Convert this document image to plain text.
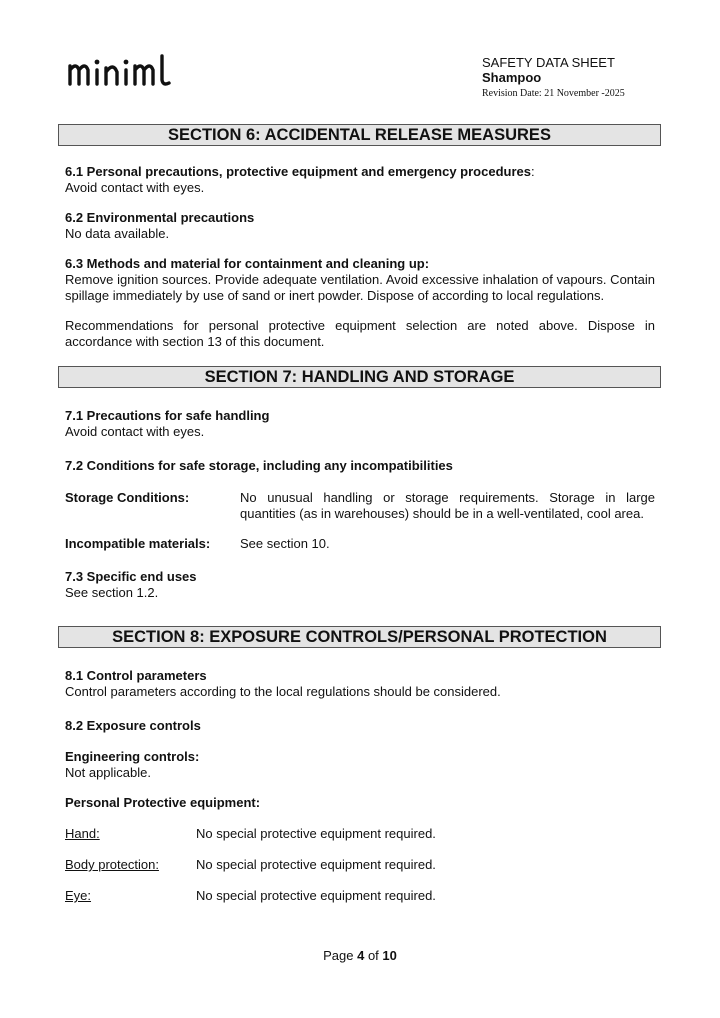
SAFETY DATA SHEET
Shampoo
Revision Date: 21 November -2025
SECTION 6: ACCIDENTAL RELEASE MEASURES
6.1 Personal precautions, protective equipment and emergency procedures:
Avoid contact with eyes.
6.2 Environmental precautions
No data available.
6.3 Methods and material for containment and cleaning up:
Remove ignition sources. Provide adequate ventilation. Avoid excessive inhalation of vapours. Contain spillage immediately by use of sand or inert powder. Dispose of according to local regulations.
Recommendations for personal protective equipment selection are noted above. Dispose in accordance with section 13 of this document.
SECTION 7: HANDLING AND STORAGE
7.1 Precautions for safe handling
Avoid contact with eyes.
7.2 Conditions for safe storage, including any incompatibilities
Storage Conditions:	No unusual handling or storage requirements. Storage in large quantities (as in warehouses) should be in a well-ventilated, cool area.
Incompatible materials: See section 10.
7.3 Specific end uses
See section 1.2.
SECTION 8: EXPOSURE CONTROLS/PERSONAL PROTECTION
8.1 Control parameters
Control parameters according to the local regulations should be considered.
8.2 Exposure controls
Engineering controls:
Not applicable.
Personal Protective equipment:
Hand:	No special protective equipment required.
Body protection:	No special protective equipment required.
Eye:	No special protective equipment required.
Page 4 of 10
